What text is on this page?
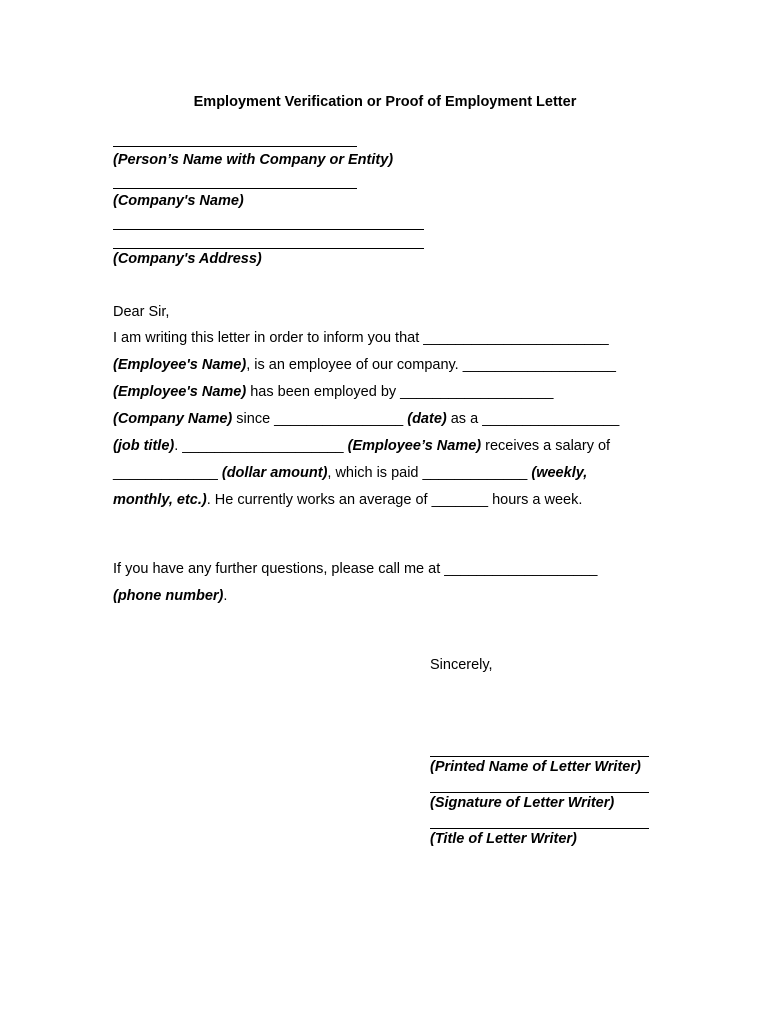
Employment Verification or Proof of Employment Letter
(Person’s Name with Company or Entity)
(Company's Name)
(Company's Address)
Dear Sir,
I am writing this letter in order to inform you that _______________________
(Employee's Name), is an employee of our company. ___________________
(Employee's Name) has been employed by ___________________
(Company Name) since ________________ (date) as a _________________
(job title). ____________________ (Employee’s Name) receives a salary of
_____________ (dollar amount), which is paid _____________ (weekly,
monthly, etc.). He currently works an average of _______ hours a week.
If you have any further questions, please call me at ___________________
(phone number).
Sincerely,
(Printed Name of Letter Writer)
(Signature of Letter Writer)
(Title of Letter Writer)
